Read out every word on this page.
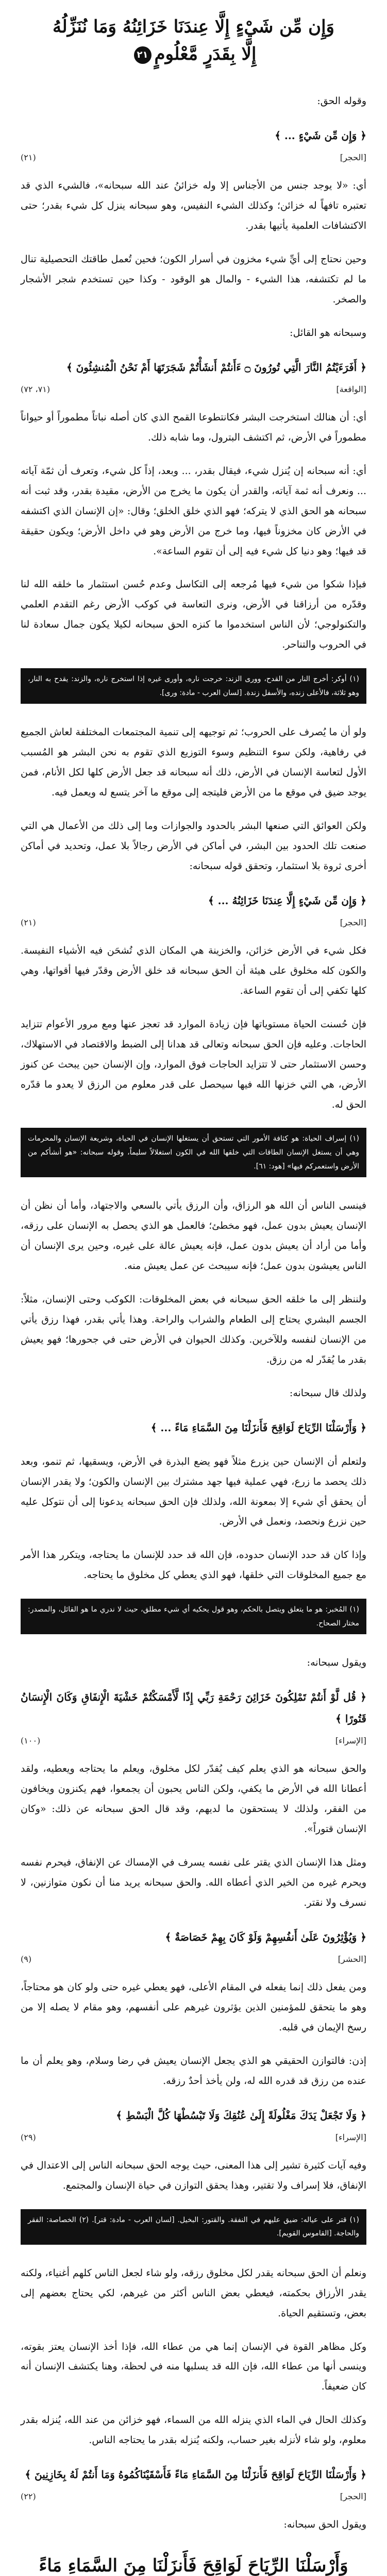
وَإِن مِّن شَيْءٍ إِلَّا عِندَنَا خَزَائِنُهُ وَمَا نُنَزِّلُهُ
إِلَّا بِقَدَرٍ مَّعْلُومٍ٢١

وقوله الحق:

﴿ وَإِن مِّن شَيْءٍ ... ﴾

[الحجر]
(٢١)

أي: «لا يوجد جنس من الأجناس إلا وله خزائنُ عند الله سبحانه»، فالشيء الذي قد تعتبره تافهاً له خزائن؛ وكذلك الشيء النفيس، وهو سبحانه ينزل كل شيء بقدر؛ حتى الاكتشافات العلمية يأتيها بقدر.

وحين نحتاج إلى أيِّ شيء مخزون في أسرار الكون؛ فحين تُعمل طاقتك التحصيلية تنال ما لم تكتشفه، هذا الشيء - والمال هو الوقود - وكذا حين تستخدم شجر الأشجار والصخر.

وسبحانه هو القائل:

﴿ أَفَرَءَيْتُمُ النَّارَ الَّتِي تُورُونَ ۝ ءَأَنتُمْ أَنشَأْتُمْ شَجَرَتَهَا أَمْ نَحْنُ الْمُنشِئُونَ ﴾

[الواقعة]
(٧١، ٧٢)

أي: أن هنالك استخرجت البشر فكانتطوعا القمح الذي كان أصله نباتاً مطموراً أو حيواناً مطموراً في الأرض، ثم اكتشف البترول، وما شابه ذلك.

أي: أنه سبحانه إن يُنزل شيء، فيقال بقدر، ... وبعد، إذاً كل شيء، وتعرف أن ثمّة آياته ... ونعرف أنه ثمة آياته، والقدر أن يكون ما يخرج من الأرض، مقيدة بقدر، وقد ثبت أنه سبحانه هو الحق الذي لا يتركه؛ فهو الذي خلق الخلق؛ وقال: «إن الإنسان الذي اكتشفه في الأرض كان مخزوناً فيها، وما خرج من الأرض وهو في داخل الأرض؛ ويكون حقيقة قد فيها؛ وهو دنيا كل شيء فيه إلى أن تقوم الساعة».

فبإذا شكوا من شيء فيها مُرجعه إلى التكاسل وعدم حُسن استثمار ما خلقه الله لنا وقدّره من أرزاقنا في الأرض، ونرى التعاسة في كوكب الأرض رغم التقدم العلمي والتكنولوجي؛ لأن الناس استخدموا ما كنزه الحق سبحانه لكيلا يكون جمال سعادة لنا في الحروب والتناحر.

(١) أوكر: أخرج النار من القدح، وورى الزند: خرجت ناره، وأورى غيره إذا استخرج ناره، والزند: يقدح به النار، وهو ثلاثة، فالأعلى زنده، والأسفل زندة. [لسان العرب - مادة: ورى].

ولو أن ما يُصرف على الحروب؛ ثم توجيهه إلى تنمية المجتمعات المختلفة لعاش الجميع في رفاهية، ولكن سوء التنظيم وسوء التوزيع الذي تقوم به نحن البشر هو المُسبب الأول لتعاسة الإنسان في الأرض، ذلك أنه سبحانه قد جعل الأرض كلها لكل الأنام، فمن يوجد ضيق في موقع ما من الأرض فليتجه إلى موقع ما آخر يتسع له ويعمل فيه.

ولكن العوائق التي صنعها البشر بالحدود والجوازات وما إلى ذلك من الأعمال هي التي صنعت تلك الحدود بين البشر، في أماكن في الأرض رجالاً بلا عمل، وتحديد في أماكن أخرى ثروة بلا استثمار، وتحقق قوله سبحانه:

﴿ وَإِن مِّن شَيْءٍ إِلَّا عِندَنَا خَزَائِنُهُ ... ﴾

[الحجر]
(٢١)

فكل شيء في الأرض خزائن، والخزينة هي المكان الذي تُشحَن فيه الأشياء النفيسة. والكون كله مخلوق على هيئة أن الحق سبحانه قد خلق الأرض وقدّر فيها أقواتها، وهي كلها تكفي إلى أن تقوم الساعة.

فإن حُسنت الحياة مستوياتها فإن زيادة الموارد قد تعجز عنها ومع مرور الأعوام تتزايد الحاجات. وعليه فإن الحق سبحانه وتعالى قد هدانا إلى الضبط والاقتصاد في الاستهلاك، وحسن الاستثمار حتى لا تتزايد الحاجات فوق الموارد، وإن الإنسان حين يبحث عن كنوز الأرض، هي التي خزنها الله فيها سيحصل على قدر معلوم من الرزق لا يعدو ما قدّره الحق له.

(١) إسراف الحياة: هو كثافة الأمور التي تستحق أن يستغلها الإنسان في الحياة، وشريعة الإنسان والمحرمات وهي أن يستغل الإنسان الطاقات التي خلقها الله في الكون استغلالاً سليماً، وقوله سبحانه: «هو أنشأكم من الأرض واستعمركم فيها» [هود: ٦١].

فينسى الناس أن الله هو الرزاق، وأن الرزق يأتي بالسعي والاجتهاد، وأما أن نظن أن الإنسان يعيش بدون عمل، فهو مخطئ؛ فالعمل هو الذي يحصل به الإنسان على رزقه، وأما من أراد أن يعيش بدون عمل، فإنه يعيش عالة على غيره، وحين يرى الإنسان أن الناس يعيشون بدون عمل؛ فإنه سيبحث عن عمل يعيش منه.

ولننظر إلى ما خلقه الحق سبحانه في بعض المخلوقات: الكوكب وحتى الإنسان، مثلاً: الجسم البشري يحتاج إلى الطعام والشراب والراحة. وهذا يأتي بقدر، فهذا رزق يأتي من الإنسان لنفسه وللآخرين. وكذلك الحيوان في الأرض حتى في جحورها؛ فهو يعيش بقدر ما يُقدّر له من رزق.

ولذلك قال سبحانه:

﴿ وَأَرْسَلْنَا الرِّيَاحَ لَوَاقِحَ فَأَنزَلْنَا مِنَ السَّمَاءِ مَاءً ... ﴾

ولتعلم أن الإنسان حين يزرع مثلاً فهو يضع البذرة في الأرض، ويسقيها، ثم تنمو، وبعد ذلك يحصد ما زرع، فهي عملية فيها جهد مشترك بين الإنسان والكون؛ ولا يقدر الإنسان أن يحقق أي شيء إلا بمعونة الله، ولذلك فإن الحق سبحانه يدعونا إلى أن نتوكل عليه حين نزرع ونحصد، ونعمل في الأرض.

وإذا كان قد حدد الإنسان حدوده، فإن الله قد حدد للإنسان ما يحتاجه، ويتكرر هذا الأمر مع جميع المخلوقات التي خلقها، فهو الذي يعطي كل مخلوق ما يحتاجه.

(١) المُخبر: هو ما يتعلق ويتصل بالحكم، وهو قول يحكيه أي شيء مطلق، حيث لا ندري ما هو القائل، والمصدر: مختار الصحاح.

ويقول سبحانه:

﴿ قُل لَّوْ أَنتُمْ تَمْلِكُونَ خَزَائِنَ رَحْمَةِ رَبِّي إِذًا لَّأَمْسَكْتُمْ خَشْيَةَ الْإِنفَاقِ وَكَانَ الْإِنسَانُ قَتُورًا ﴾

[الإسراء]
(١٠٠)

والحق سبحانه هو الذي يعلم كيف يُقدّر لكل مخلوق، ويعلم ما يحتاجه ويعطيه، ولقد أعطانا الله في الأرض ما يكفي، ولكن الناس يحبون أن يجمعوا، فهم يكنزون ويخافون من الفقر، ولذلك لا يستحقون ما لديهم، وقد قال الحق سبحانه عن ذلك: «وكان الإنسان قتوراً».

ومثل هذا الإنسان الذي يقتر على نفسه يسرف في الإمساك عن الإنفاق، فيحرم نفسه ويحرم غيره من الخير الذي أعطاه الله. والحق سبحانه يريد منا أن نكون متوازنين، لا نسرف ولا نقتر.

﴿ وَيُؤْثِرُونَ عَلَىٰ أَنفُسِهِمْ وَلَوْ كَانَ بِهِمْ خَصَاصَةٌ ﴾

[الحشر]
(٩)

ومن يفعل ذلك إنما يفعله في المقام الأعلى، فهو يعطي غيره حتى ولو كان هو محتاجاً، وهو ما يتحقق للمؤمنين الذين يؤثرون غيرهم على أنفسهم، وهو مقام لا يصله إلا من رسخ الإيمان في قلبه.

إذن: فالتوازن الحقيقي هو الذي يجعل الإنسان يعيش في رضا وسلام، وهو يعلم أن ما عنده من رزق قد قدره الله له، ولن يأخذ أحدٌ رزقه.

﴿ وَلَا تَجْعَلْ يَدَكَ مَغْلُولَةً إِلَىٰ عُنُقِكَ وَلَا تَبْسُطْهَا كُلَّ الْبَسْطِ ﴾

[الإسراء]
(٢٩)

وفيه آيات كثيرة تشير إلى هذا المعنى، حيث يوجه الحق سبحانه الناس إلى الاعتدال في الإنفاق، فلا إسراف ولا تقتير، وهذا يحقق التوازن في حياة الإنسان والمجتمع.

(١) قتر على عياله: ضيق عليهم في النفقة. والقتور: البخيل. [لسان العرب - مادة: قتر]. (٢) الخصاصة: الفقر والحاجة. [القاموس القويم].

ونعلم أن الحق سبحانه يقدر لكل مخلوق رزقه، ولو شاء لجعل الناس كلهم أغنياء، ولكنه يقدر الأرزاق بحكمته، فيعطي بعض الناس أكثر من غيرهم، لكي يحتاج بعضهم إلى بعض، وتستقيم الحياة.

وكل مظاهر القوة في الإنسان إنما هي من عطاء الله، فإذا أخذ الإنسان يعتز بقوته، وينسى أنها من عطاء الله، فإن الله قد يسلبها منه في لحظة، وهنا يكتشف الإنسان أنه كان ضعيفاً.

وكذلك الحال في الماء الذي ينزله الله من السماء، فهو خزائن من عند الله، يُنزله بقدر معلوم، ولو شاء لأنزله بغير حساب، ولكنه يُنزله بقدر ما يحتاجه الناس.

﴿ وَأَرْسَلْنَا الرِّيَاحَ لَوَاقِحَ فَأَنزَلْنَا مِنَ السَّمَاءِ مَاءً فَأَسْقَيْنَاكُمُوهُ وَمَا أَنتُمْ لَهُ بِخَازِنِينَ ﴾

[الحجر]
(٢٢)

ويقول الحق سبحانه:

وَأَرْسَلْنَا الرِّيَاحَ لَوَاقِحَ فَأَنزَلْنَا مِنَ السَّمَاءِ مَاءً
